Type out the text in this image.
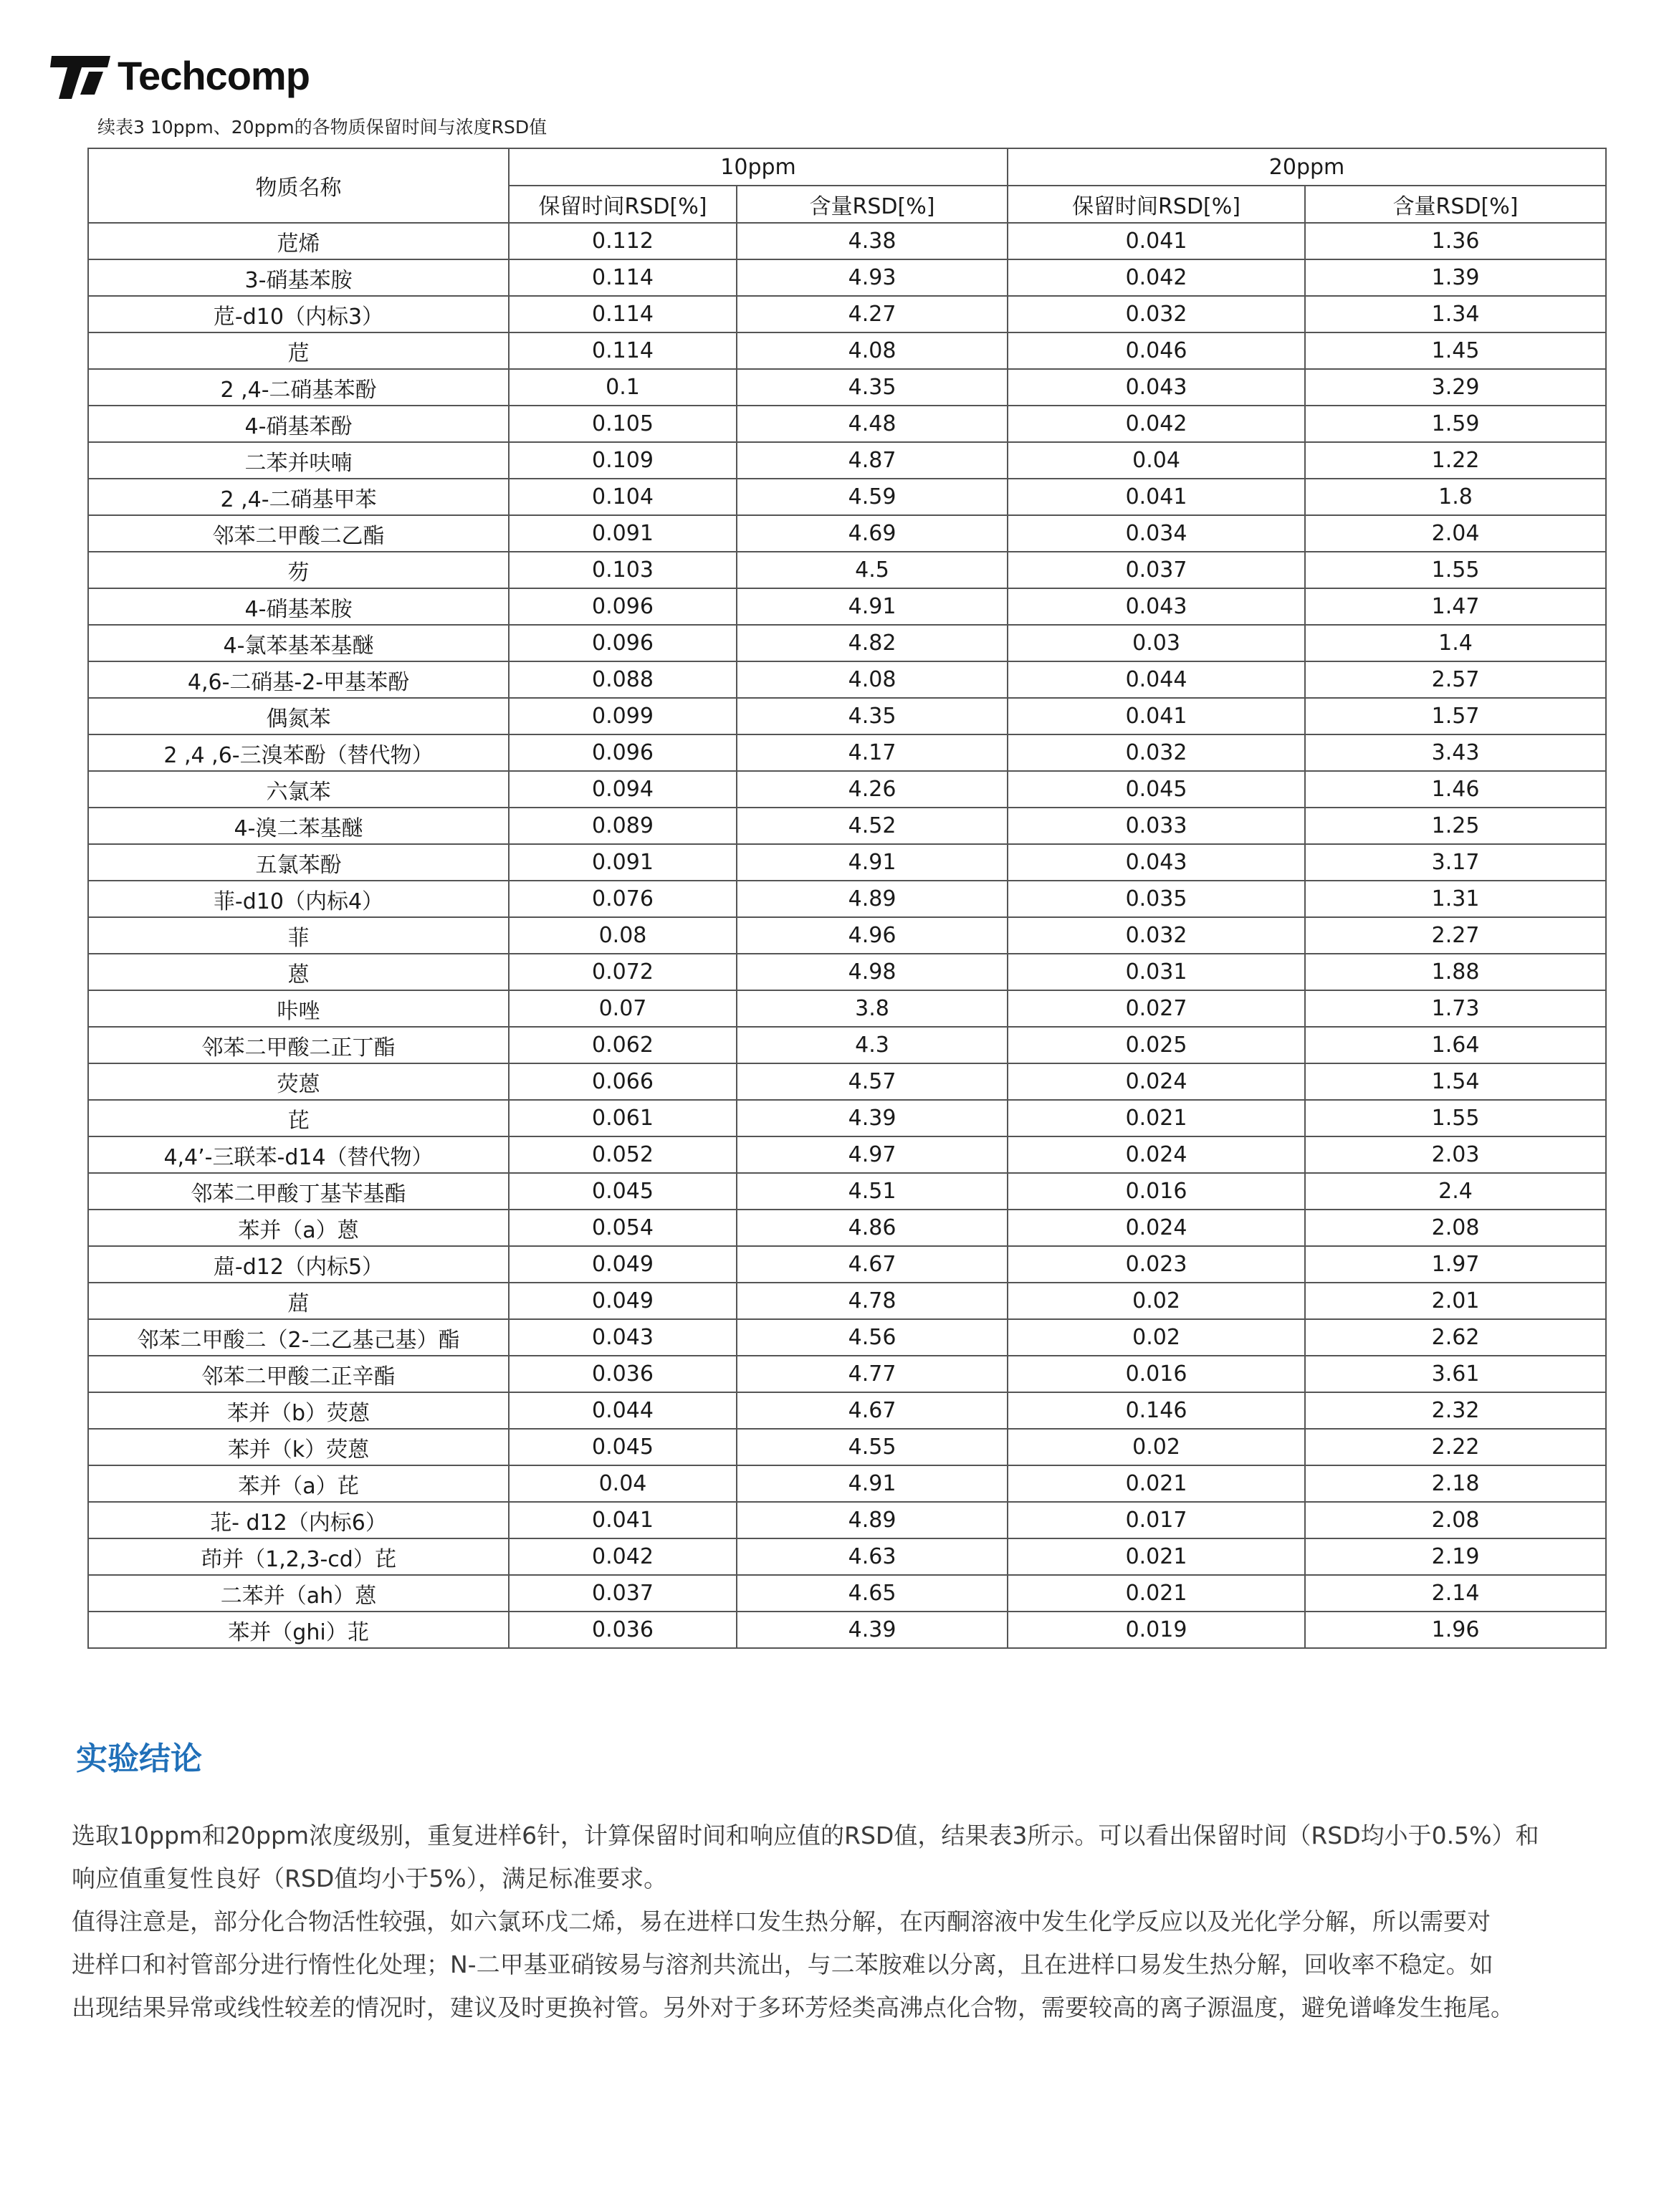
Techcomp
续表3 10ppm、20ppm的各物质保留时间与浓度RSD值
物质名称	10ppm		20ppm	
	保留时间RSD[%]	含量RSD[%]	保留时间RSD[%]	含量RSD[%]
苊烯	0.112	4.38	0.041	1.36
3-硝基苯胺	0.114	4.93	0.042	1.39
苊-d10（内标3）	0.114	4.27	0.032	1.34
苊	0.114	4.08	0.046	1.45
2 ,4-二硝基苯酚	0.1	4.35	0.043	3.29
4-硝基苯酚	0.105	4.48	0.042	1.59
二苯并呋喃	0.109	4.87	0.04	1.22
2 ,4-二硝基甲苯	0.104	4.59	0.041	1.8
邻苯二甲酸二乙酯	0.091	4.69	0.034	2.04
芴	0.103	4.5	0.037	1.55
4-硝基苯胺	0.096	4.91	0.043	1.47
4-氯苯基苯基醚	0.096	4.82	0.03	1.4
4,6-二硝基-2-甲基苯酚	0.088	4.08	0.044	2.57
偶氮苯	0.099	4.35	0.041	1.57
2 ,4 ,6-三溴苯酚（替代物）	0.096	4.17	0.032	3.43
六氯苯	0.094	4.26	0.045	1.46
4-溴二苯基醚	0.089	4.52	0.033	1.25
五氯苯酚	0.091	4.91	0.043	3.17
菲-d10（内标4）	0.076	4.89	0.035	1.31
菲	0.08	4.96	0.032	2.27
蒽	0.072	4.98	0.031	1.88
咔唑	0.07	3.8	0.027	1.73
邻苯二甲酸二正丁酯	0.062	4.3	0.025	1.64
荧蒽	0.066	4.57	0.024	1.54
芘	0.061	4.39	0.021	1.55
4,4’-三联苯-d14（替代物）	0.052	4.97	0.024	2.03
邻苯二甲酸丁基苄基酯	0.045	4.51	0.016	2.4
苯并（a）蒽	0.054	4.86	0.024	2.08
䓛-d12（内标5）	0.049	4.67	0.023	1.97
䓛	0.049	4.78	0.02	2.01
邻苯二甲酸二（2-二乙基己基）酯	0.043	4.56	0.02	2.62
邻苯二甲酸二正辛酯	0.036	4.77	0.016	3.61
苯并（b）荧蒽	0.044	4.67	0.146	2.32
苯并（k）荧蒽	0.045	4.55	0.02	2.22
苯并（a）芘	0.04	4.91	0.021	2.18
苝- d12（内标6）	0.041	4.89	0.017	2.08
茚并（1,2,3-cd）芘	0.042	4.63	0.021	2.19
二苯并（ah）蒽	0.037	4.65	0.021	2.14
苯并（ghi）苝	0.036	4.39	0.019	1.96
实验结论
选取10ppm和20ppm浓度级别，重复进样6针，计算保留时间和响应值的RSD值，结果表3所示。可以看出保留时间（RSD均小于0.5%）和
响应值重复性良好（RSD值均小于5%），满足标准要求。
值得注意是，部分化合物活性较强，如六氯环戊二烯，易在进样口发生热分解，在丙酮溶液中发生化学反应以及光化学分解，所以需要对
进样口和衬管部分进行惰性化处理；N-二甲基亚硝铵易与溶剂共流出，与二苯胺难以分离，且在进样口易发生热分解，回收率不稳定。如
出现结果异常或线性较差的情况时，建议及时更换衬管。另外对于多环芳烃类高沸点化合物，需要较高的离子源温度，避免谱峰发生拖尾。
